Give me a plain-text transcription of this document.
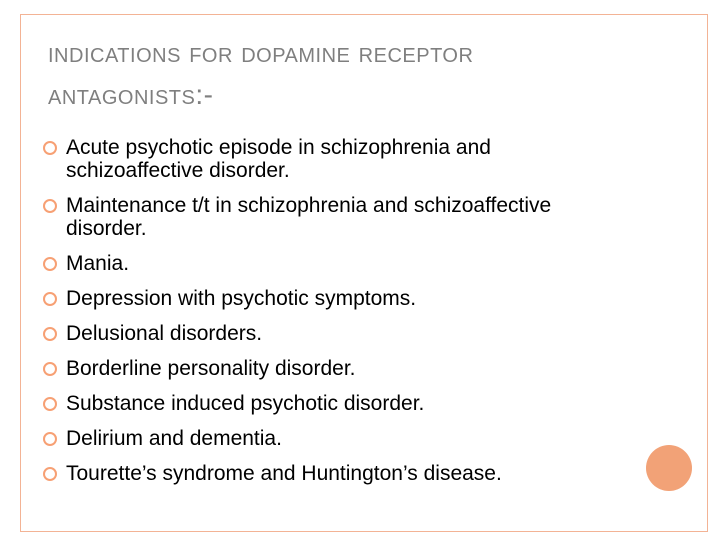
indications for dopamine receptor
antagonists:-
Acute psychotic episode in schizophrenia and schizoaffective disorder.
Maintenance t/t in schizophrenia and schizoaffective disorder.
Mania.
Depression with psychotic symptoms.
Delusional disorders.
Borderline personality disorder.
Substance induced psychotic disorder.
Delirium and dementia.
Tourette’s syndrome and Huntington’s disease.
